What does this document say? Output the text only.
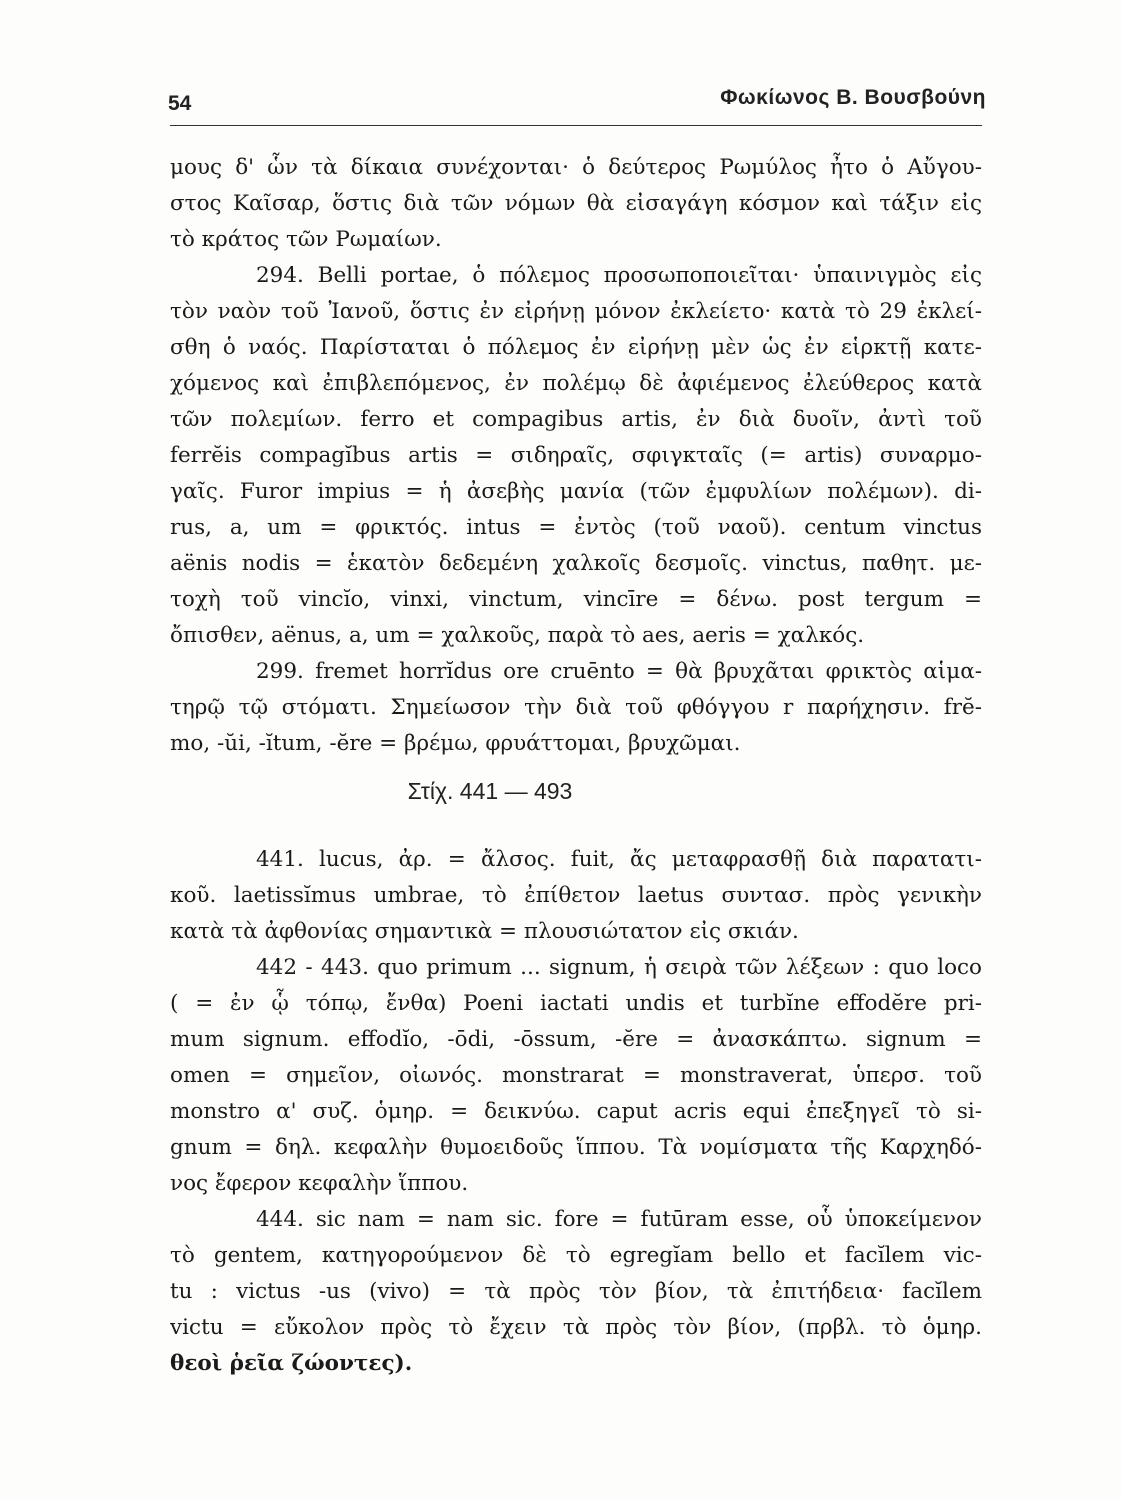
54	Φωκίωνος Β. Βουσβούνη
μους δ' ὧν τὰ δίκαια συνέχονται· ὁ δεύτερος Ρωμύλος ἦτο ὁ Αὔγου-
στος Καῖσαρ, ὅστις διὰ τῶν νόμων θὰ εἰσαγάγη κόσμον καὶ τάξιν εἰς
τὸ κράτος τῶν Ρωμαίων.
294. Belli portae, ὁ πόλεμος προσωποποιεῖται· ὑπαινιγμὸς εἰς
τὸν ναὸν τοῦ Ἰανοῦ, ὅστις ἐν εἰρήνῃ μόνον ἐκλείετο· κατὰ τὸ 29 ἐκλεί-
σθη ὁ ναός. Παρίσταται ὁ πόλεμος ἐν εἰρήνῃ μὲν ὡς ἐν εἱρκτῇ κατε-
χόμενος καὶ ἐπιβλεπόμενος, ἐν πολέμῳ δὲ ἀφιέμενος ἐλεύθερος κατὰ
τῶν πολεμίων. ferro et compagibus artis, ἐν διὰ δυοῖν, ἀντὶ τοῦ
ferrĕis compagĭbus artis = σιδηραῖς, σφιγκταῖς (= artis) συναρμο-
γαῖς. Furor impius = ἡ ἀσεβὴς μανία (τῶν ἐμφυλίων πολέμων). di-
rus, a, um = φρικτός. intus = ἐντὸς (τοῦ ναοῦ). centum vinctus
aënis nodis = ἑκατὸν δεδεμένη χαλκοῖς δεσμοῖς. vinctus, παθητ. με-
τοχὴ τοῦ vincĭo, vinxi, vinctum, vincīre = δένω. post tergum =
ὄπισθεν, aënus, a, um = χαλκοῦς, παρὰ τὸ aes, aeris = χαλκός.
299. fremet horrĭdus ore cruēnto = θὰ βρυχᾶται φρικτὸς αἱμα-
τηρῷ τῷ στόματι. Σημείωσον τὴν διὰ τοῦ φθόγγου r παρήχησιν. frĕ-
mo, -ŭi, -ĭtum, -ĕre = βρέμω, φρυάττομαι, βρυχῶμαι.
Στίχ. 441 — 493
441. lucus, ἀρ. = ἄλσος. fuit, ἄς μεταφρασθῇ διὰ παρατατι-
κοῦ. laetissĭmus umbrae, τὸ ἐπίθετον laetus συντασ. πρὸς γενικὴν
κατὰ τὰ ἀφθονίας σημαντικὰ = πλουσιώτατον εἰς σκιάν.
442 - 443. quo primum ... signum, ἡ σειρὰ τῶν λέξεων : quo loco
( = ἐν ᾧ τόπῳ, ἔνθα) Poeni iactati undis et turbĭne effodĕre pri-
mum signum. effodĭo, -ōdi, -ōssum, -ĕre = ἀνασκάπτω. signum =
omen = σημεῖον, οἰωνός. monstrarat = monstraverat, ὑπερσ. τοῦ
monstro α' συζ. ὁμηρ. = δεικνύω. caput acris equi ἐπεξηγεῖ τὸ si-
gnum = δηλ. κεφαλὴν θυμοειδοῦς ἵππου. Τὰ νομίσματα τῆς Καρχηδό-
νος ἔφερον κεφαλὴν ἵππου.
444. sic nam = nam sic. fore = futūram esse, οὗ ὑποκείμενον
τὸ gentem, κατηγορούμενον δὲ τὸ egregĭam bello et facĭlem vic-
tu : victus -us (vivo) = τὰ πρὸς τὸν βίον, τὰ ἐπιτήδεια· facĭlem
victu = εὔκολον πρὸς τὸ ἔχειν τὰ πρὸς τὸν βίον, (πρβλ. τὸ ὁμηρ.
θεοὶ ῥεῖα ζώοντες).
